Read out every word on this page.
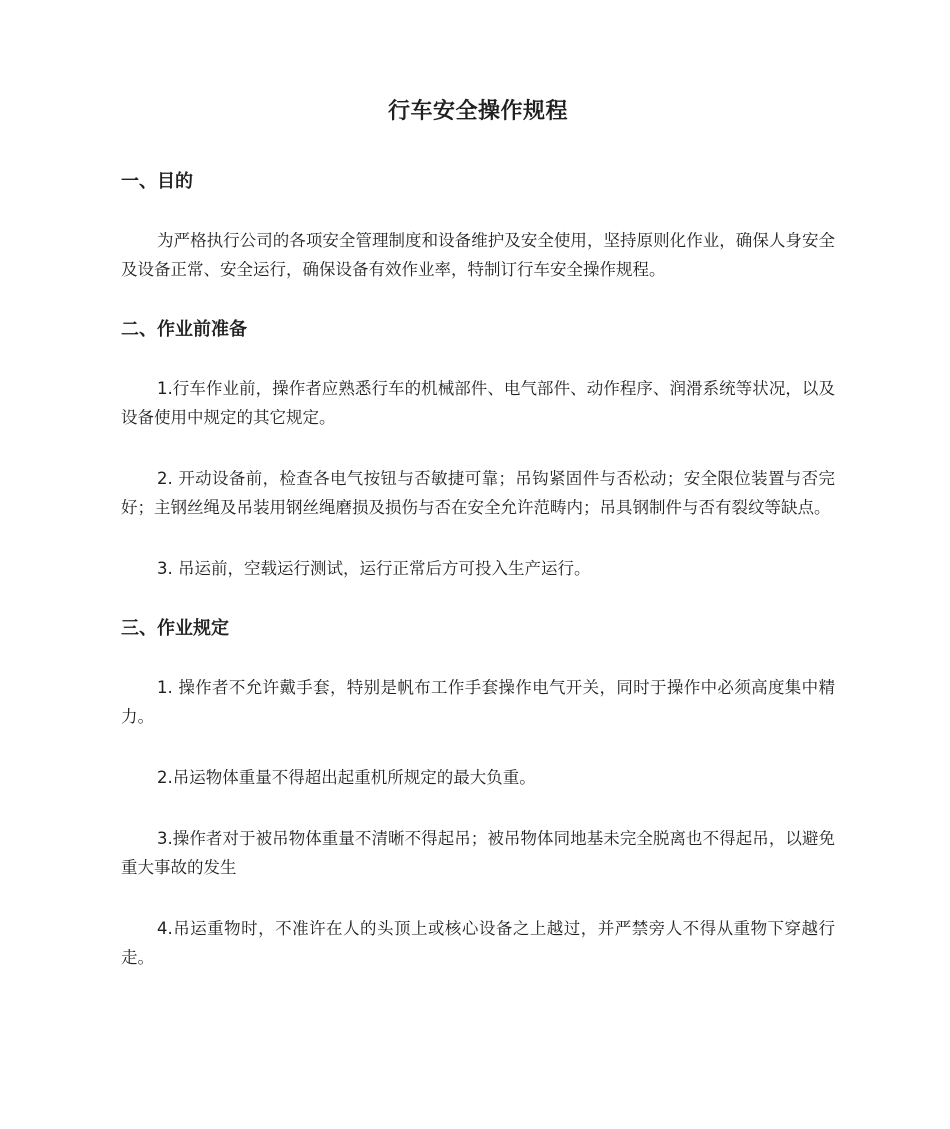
行车安全操作规程
一、目的

为严格执行公司的各项安全管理制度和设备维护及安全使用，坚持原则化作业，确保人身安全及设备正常、安全运行，确保设备有效作业率，特制订行车安全操作规程。

二、作业前准备

1.行车作业前，操作者应熟悉行车的机械部件、电气部件、动作程序、润滑系统等状况，以及设备使用中规定的其它规定。

2. 开动设备前，检查各电气按钮与否敏捷可靠；吊钩紧固件与否松动；安全限位装置与否完好；主钢丝绳及吊装用钢丝绳磨损及损伤与否在安全允许范畴内；吊具钢制件与否有裂纹等缺点。

3. 吊运前，空载运行测试，运行正常后方可投入生产运行。

三、作业规定

1. 操作者不允许戴手套，特别是帆布工作手套操作电气开关，同时于操作中必须高度集中精力。

2.吊运物体重量不得超出起重机所规定的最大负重。

3.操作者对于被吊物体重量不清晰不得起吊；被吊物体同地基未完全脱离也不得起吊，以避免重大事故的发生

4.吊运重物时，不准许在人的头顶上或核心设备之上越过，并严禁旁人不得从重物下穿越行走。
